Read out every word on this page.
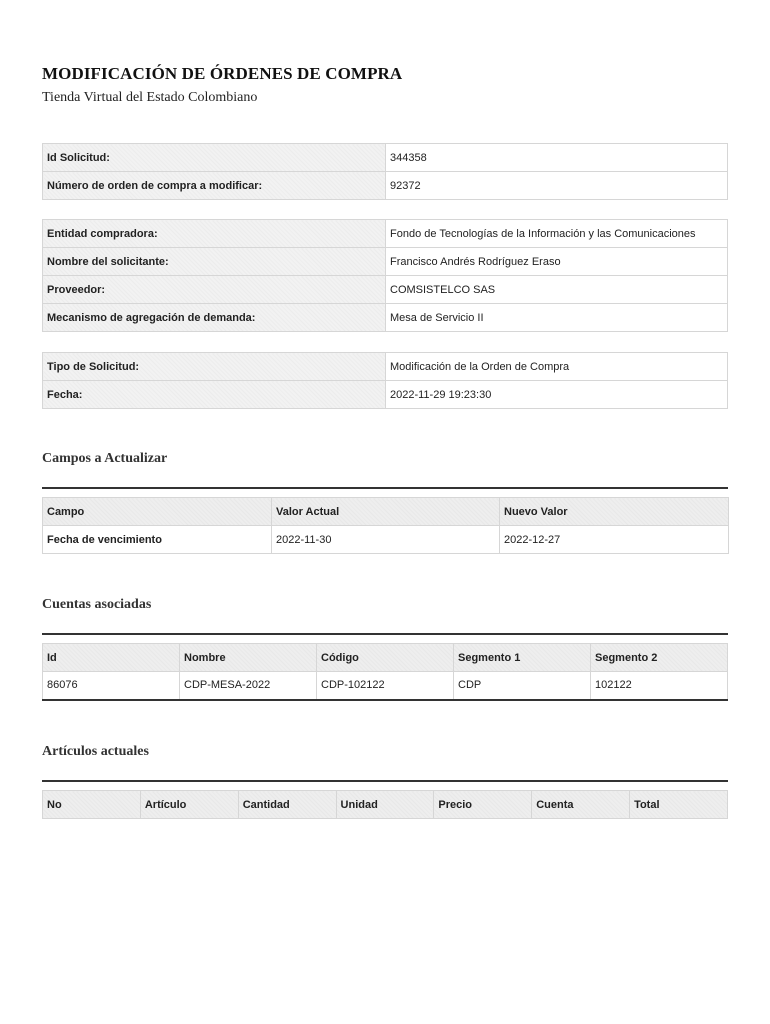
MODIFICACIÓN DE ÓRDENES DE COMPRA

Tienda Virtual del Estado Colombiano

Id Solicitud:	344358
Número de orden de compra a modificar:	92372
Entidad compradora:	Fondo de Tecnologías de la Información y las Comunicaciones
Nombre del solicitante:	Francisco Andrés Rodríguez Eraso
Proveedor:	COMSISTELCO SAS
Mecanismo de agregación de demanda:	Mesa de Servicio II
Tipo de Solicitud:	Modificación de la Orden de Compra
Fecha:	2022-11-29 19:23:30
Campos a Actualizar
Campo	Valor Actual	Nuevo Valor
Fecha de vencimiento	2022-11-30	2022-12-27
Cuentas asociadas
Id	Nombre	Código	Segmento 1	Segmento 2
86076	CDP-MESA-2022	CDP-102122	CDP	102122
Artículos actuales
No	Artículo	Cantidad	Unidad	Precio	Cuenta	Total
